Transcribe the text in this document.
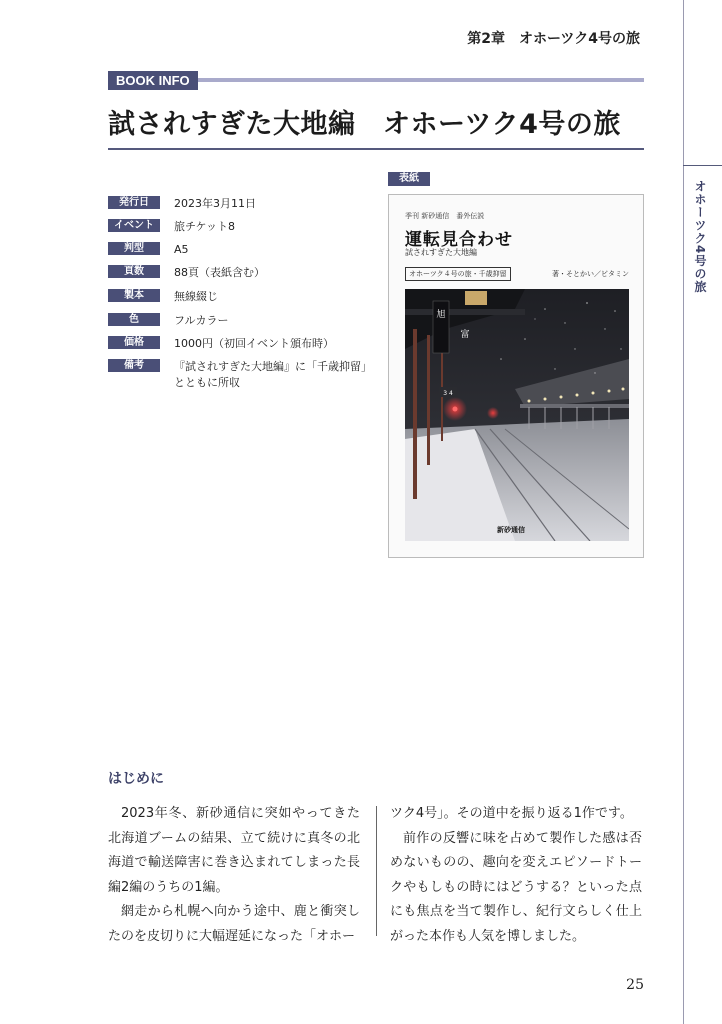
第2章　オホーツク4号の旅
オホーツク4号の旅
BOOK INFO
試されすぎた大地編　オホーツク4号の旅
発行日	2023年3月11日
イベント	旅チケット8
判型	A5
頁数	88頁（表紙含む）
製本	無線綴じ
色	フルカラー
価格	1000円（初回イベント頒布時）
備考	『試されすぎた大地編』に「千歳抑留」
とともに所収
表紙
季刊 新砂通信　番外伝説
運転見合わせ
試されすぎた大地編
オホーツク４号の旅・千歳抑留	著・そとかい／ビタミン
旭
富
3 4
新砂通信
はじめに

2023年冬、新砂通信に突如やってきた北海道ブームの結果、立て続けに真冬の北海道で輸送障害に巻き込まれてしまった長編2編のうちの1編。

網走から札幌へ向かう途中、鹿と衝突したのを皮切りに大幅遅延になった「オホー

ツク4号」。その道中を振り返る1作です。

前作の反響に味を占めて製作した感は否めないものの、趣向を変えエピソードトークやもしもの時にはどうする？といった点にも焦点を当て製作し、紀行文らしく仕上がった本作も人気を博しました。

25
